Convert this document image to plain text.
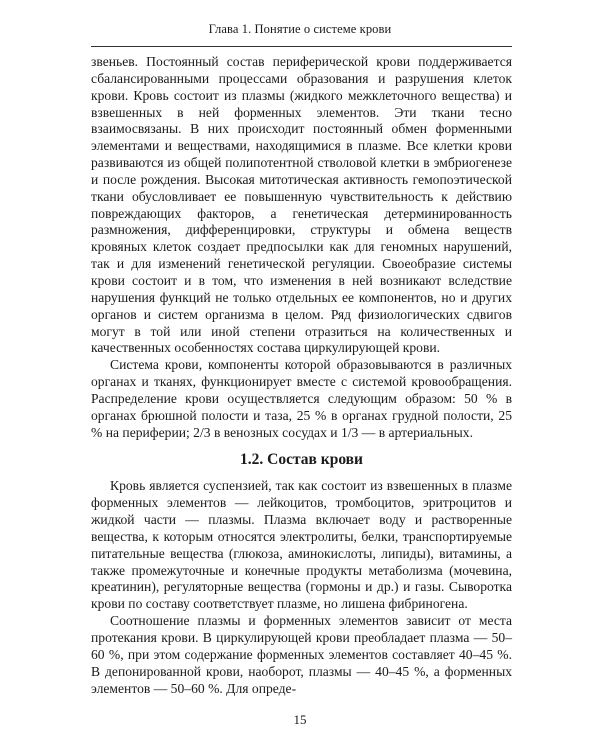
Глава 1. Понятие о системе крови

звеньев. Постоянный состав периферической крови поддерживается сбалансированными процессами образования и разрушения клеток крови. Кровь состоит из плазмы (жидкого межклеточного вещества) и взвешенных в ней форменных элементов. Эти ткани тесно взаимосвязаны. В них происходит постоянный обмен форменными элементами и веществами, находящимися в плазме. Все клетки крови развиваются из общей полипотентной стволовой клетки в эмбриогенезе и после рождения. Высокая митотическая активность гемопоэтической ткани обусловливает ее повышенную чувствительность к действию повреждающих факторов, а генетическая детерминированность размножения, дифференцировки, структуры и обмена веществ кровяных клеток создает предпосылки как для геномных нарушений, так и для изменений генетической регуляции. Своеобразие системы крови состоит и в том, что изменения в ней возникают вследствие нарушения функций не только отдельных ее компонентов, но и других органов и систем организма в целом. Ряд физиологических сдвигов могут в той или иной степени отразиться на количественных и качественных особенностях состава циркулирующей крови.

Система крови, компоненты которой образовываются в различных органах и тканях, функционирует вместе с системой кровообращения. Распределение крови осуществляется следующим образом: 50 % в органах брюшной полости и таза, 25 % в органах грудной полости, 25 % на периферии; 2/3 в венозных сосудах и 1/3 — в артериальных.

1.2. Состав крови

Кровь является суспензией, так как состоит из взвешенных в плазме форменных элементов — лейкоцитов, тромбоцитов, эритроцитов и жидкой части — плазмы. Плазма включает воду и растворенные вещества, к которым относятся электролиты, белки, транспортируемые питательные вещества (глюкоза, аминокислоты, липиды), витамины, а также промежуточные и конечные продукты метаболизма (мочевина, креатинин), регуляторные вещества (гормоны и др.) и газы. Сыворотка крови по составу соответствует плазме, но лишена фибриногена.

Соотношение плазмы и форменных элементов зависит от места протекания крови. В циркулирующей крови преобладает плазма — 50–60 %, при этом содержание форменных элементов составляет 40–45 %. В депонированной крови, наоборот, плазмы — 40–45 %, а форменных элементов — 50–60 %. Для опреде-

15
